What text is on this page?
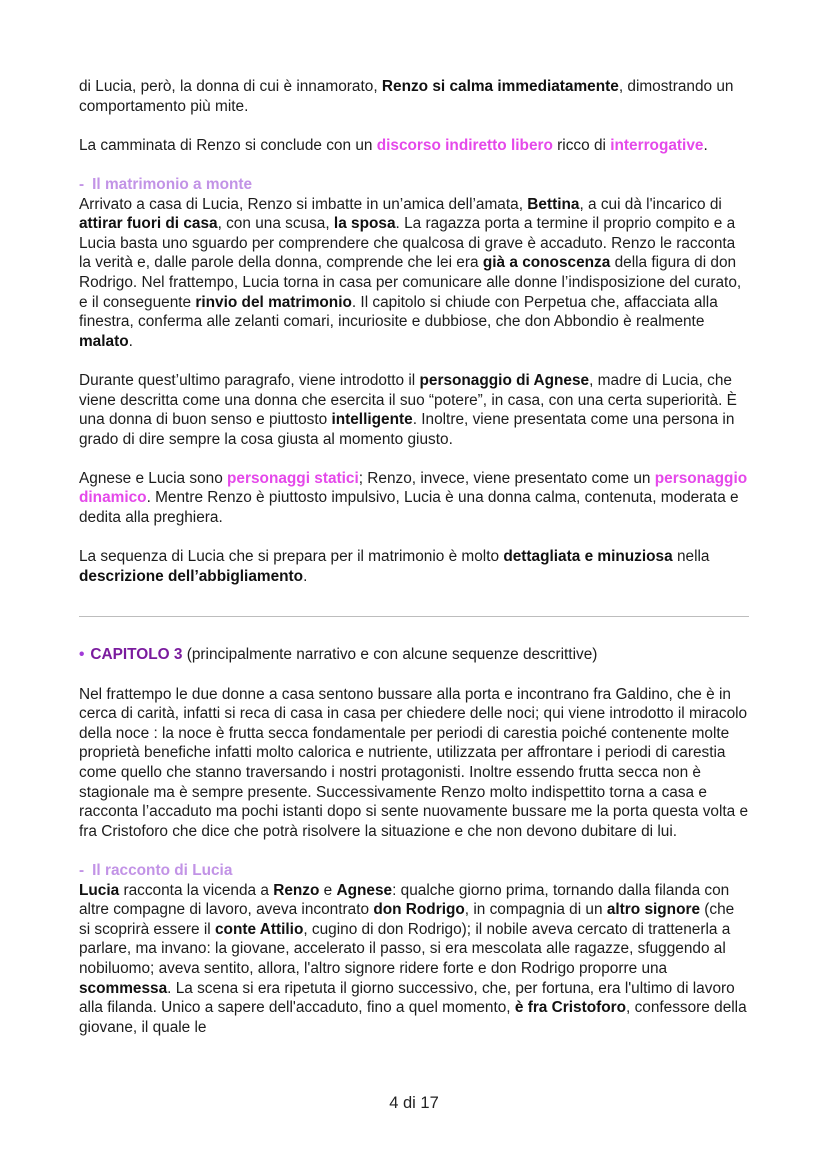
di Lucia, però, la donna di cui è innamorato, Renzo si calma immediatamente, dimostrando un comportamento più mite.

La camminata di Renzo si conclude con un discorso indiretto libero ricco di interrogative.

- Il matrimonio a monte

Arrivato a casa di Lucia, Renzo si imbatte in un’amica dell’amata, Bettina, a cui dà l'incarico di attirar fuori di casa, con una scusa, la sposa. La ragazza porta a termine il proprio compito e a Lucia basta uno sguardo per comprendere che qualcosa di grave è accaduto. Renzo le racconta la verità e, dalle parole della donna, comprende che lei era già a conoscenza della figura di don Rodrigo. Nel frattempo, Lucia torna in casa per comunicare alle donne l’indisposizione del curato, e il conseguente rinvio del matrimonio. Il capitolo si chiude con Perpetua che, affacciata alla finestra, conferma alle zelanti comari, incuriosite e dubbiose, che don Abbondio è realmente malato.

Durante quest’ultimo paragrafo, viene introdotto il personaggio di Agnese, madre di Lucia, che viene descritta come una donna che esercita il suo “potere”, in casa, con una certa superiorità. È una donna di buon senso e piuttosto intelligente. Inoltre, viene presentata come una persona in grado di dire sempre la cosa giusta al momento giusto.

Agnese e Lucia sono personaggi statici; Renzo, invece, viene presentato come un personaggio dinamico. Mentre Renzo è piuttosto impulsivo, Lucia è una donna calma, contenuta, moderata e dedita alla preghiera.

La sequenza di Lucia che si prepara per il matrimonio è molto dettagliata e minuziosa nella descrizione dell’abbigliamento.

• CAPITOLO 3 (principalmente narrativo e con alcune sequenze descrittive)

Nel frattempo le due donne a casa sentono bussare alla porta e incontrano fra Galdino, che è in cerca di carità, infatti si reca di casa in casa per chiedere delle noci; qui viene introdotto il miracolo della noce : la noce è frutta secca fondamentale per periodi di carestia poiché contenente molte proprietà benefiche infatti molto calorica e nutriente, utilizzata per affrontare i periodi di carestia come quello che stanno traversando i nostri protagonisti. Inoltre essendo frutta secca non è stagionale ma è sempre presente. Successivamente Renzo molto indispettito torna a casa e racconta l’accaduto ma pochi istanti dopo si sente nuovamente bussare me la porta questa volta e fra Cristoforo che dice che potrà risolvere la situazione e che non devono dubitare di lui.

- Il racconto di Lucia

Lucia racconta la vicenda a Renzo e Agnese: qualche giorno prima, tornando dalla filanda con altre compagne di lavoro, aveva incontrato don Rodrigo, in compagnia di un altro signore (che si scoprirà essere il conte Attilio, cugino di don Rodrigo); il nobile aveva cercato di trattenerla a parlare, ma invano: la giovane, accelerato il passo, si era mescolata alle ragazze, sfuggendo al nobiluomo; aveva sentito, allora, l'altro signore ridere forte e don Rodrigo proporre una scommessa. La scena si era ripetuta il giorno successivo, che, per fortuna, era l'ultimo di lavoro alla filanda. Unico a sapere dell'accaduto, fino a quel momento, è fra Cristoforo, confessore della giovane, il quale le

4 di 17
